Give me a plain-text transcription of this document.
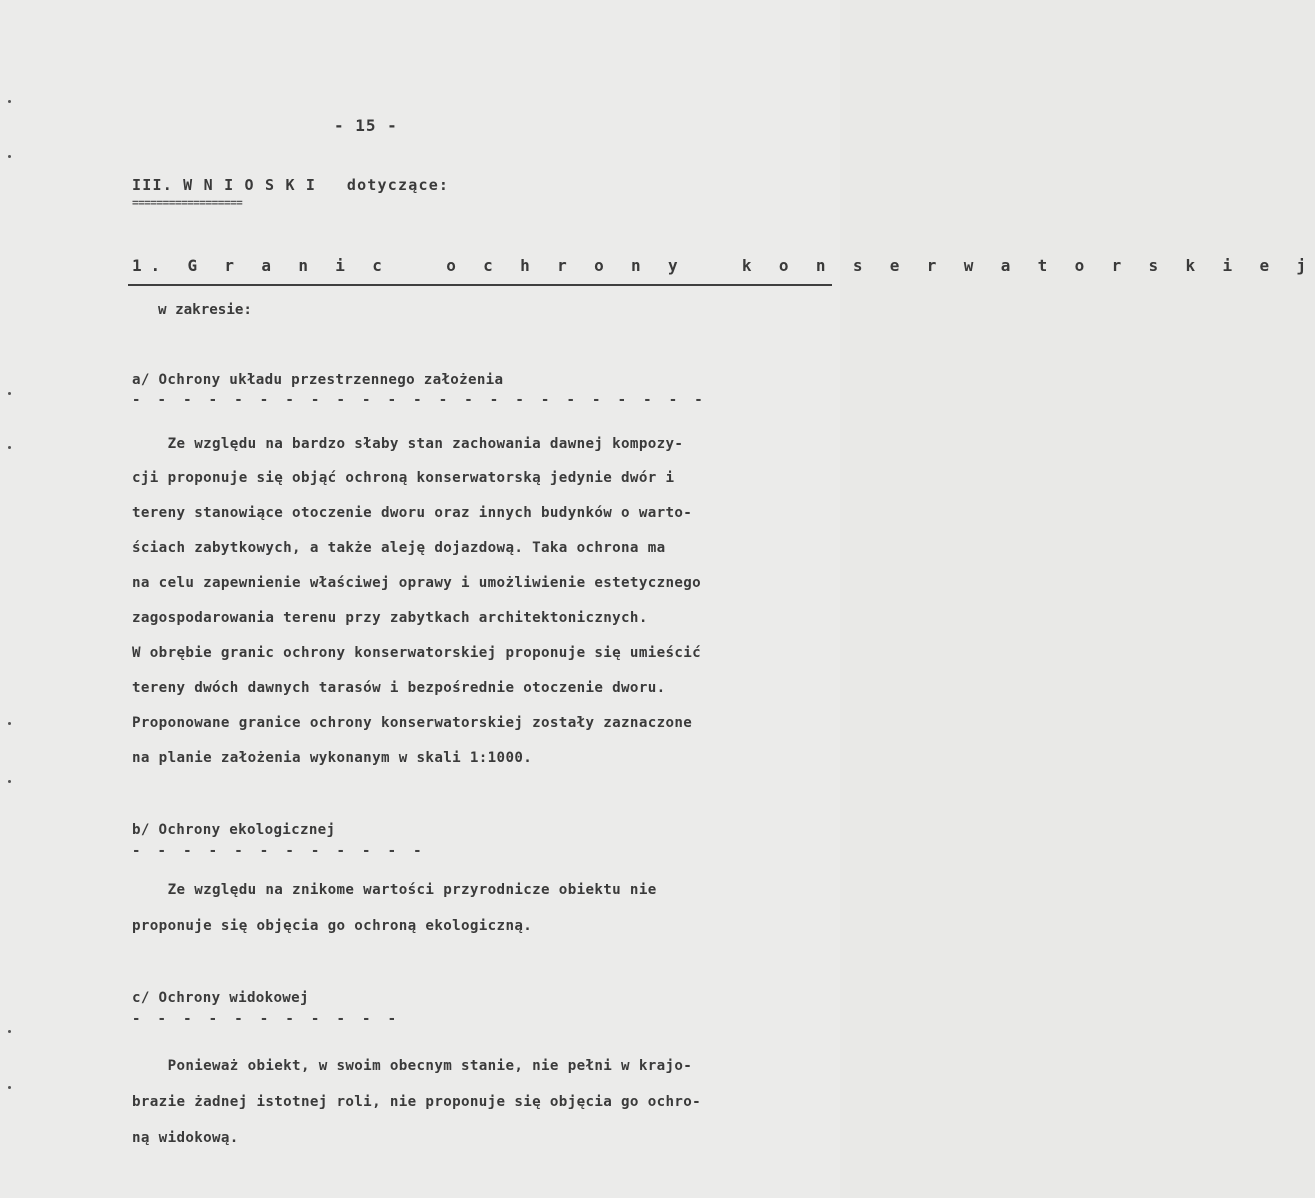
- 15 -
III. W N I O S K I   dotyczące:
==================
1. G r a n i c   o c h r o n y   k o n s e r w a t o r s k i e j
w zakresie:
a/ Ochrony układu przestrzennego założenia
- - - - - - - - - - - - - - - - - - - - - - -
Ze względu na bardzo słaby stan zachowania dawnej kompozy-
cji proponuje się objąć ochroną konserwatorską jedynie dwór i
tereny stanowiące otoczenie dworu oraz innych budynków o warto-
ściach zabytkowych, a także aleję dojazdową. Taka ochrona ma
na celu zapewnienie właściwej oprawy i umożliwienie estetycznego
zagospodarowania terenu przy zabytkach architektonicznych.
W obrębie granic ochrony konserwatorskiej proponuje się umieścić
tereny dwóch dawnych tarasów i bezpośrednie otoczenie dworu.
Proponowane granice ochrony konserwatorskiej zostały zaznaczone
na planie założenia wykonanym w skali 1:1000.
b/ Ochrony ekologicznej
- - - - - - - - - - - -
Ze względu na znikome wartości przyrodnicze obiektu nie
proponuje się objęcia go ochroną ekologiczną.
c/ Ochrony widokowej
- - - - - - - - - - -
Ponieważ obiekt, w swoim obecnym stanie, nie pełni w krajo-
brazie żadnej istotnej roli, nie proponuje się objęcia go ochro-
ną widokową.
